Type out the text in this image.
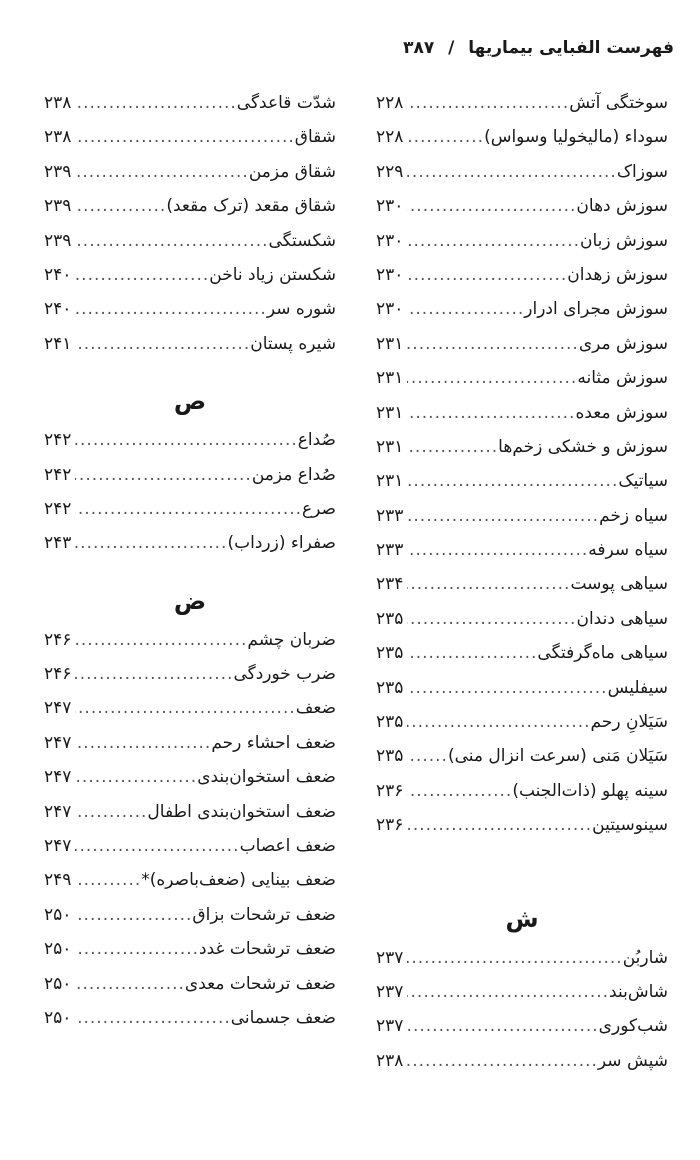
فهرست الفبایی بیماریها / ۳۸۷
سوختگی آتش
.....
۲۲۸
سوداء (مالیخولیا وسواس)
.....
۲۲۸
سوزاک
.....
۲۲۹
سوزش دهان
.....
۲۳۰
سوزش زبان
.....
۲۳۰
سوزش زهدان
.....
۲۳۰
سوزش مجرای ادرار
.....
۲۳۰
سوزش مری
.....
۲۳۱
سوزش مثانه
.....
۲۳۱
سوزش معده
.....
۲۳۱
سوزش و خشکی زخم‌ها
.....
۲۳۱
سیاتیک
.....
۲۳۱
سیاه زخم
.....
۲۳۳
سیاه سرفه
.....
۲۳۳
سیاهی پوست
.....
۲۳۴
سیاهی دندان
.....
۲۳۵
سیاهی ماه‌گرفتگی
.....
۲۳۵
سیفلیس
.....
۲۳۵
سَیَلانِ رحم
.....
۲۳۵
سَیَلان مَنی (سرعت انزال منی)
.....
۲۳۵
سینه پهلو (ذات‌الجنب)
.....
۲۳۶
سینوسیتین
.....
۲۳۶
ش
شاربُن
.....
۲۳۷
شاش‌بند
.....
۲۳۷
شب‌کوری
.....
۲۳۷
شپش سر
.....
۲۳۸
شدّت قاعدگی
.....
۲۳۸
شقاق
.....
۲۳۸
شقاق مزمن
.....
۲۳۹
شقاق مقعد (ترک مقعد)
.....
۲۳۹
شکستگی
.....
۲۳۹
شکستن زیاد ناخن
.....
۲۴۰
شوره سر
.....
۲۴۰
شیره پستان
.....
۲۴۱
ص
صُداع
.....
۲۴۲
صُداع مزمن
.....
۲۴۲
صرع
.....
۲۴۲
صفراء (زرداب)
.....
۲۴۳
ض
ضربان چشم
.....
۲۴۶
ضرب خوردگی
.....
۲۴۶
ضعف
.....
۲۴۷
ضعف احشاء رحم
.....
۲۴۷
ضعف استخوان‌بندی
.....
۲۴۷
ضعف استخوان‌بندی اطفال
.....
۲۴۷
ضعف اعصاب
.....
۲۴۷
ضعف بینایی (ضعف‌باصره)*
.....
۲۴۹
ضعف ترشحات بزاق
.....
۲۵۰
ضعف ترشحات غدد
.....
۲۵۰
ضعف ترشحات معدی
.....
۲۵۰
ضعف جسمانی
.....
۲۵۰
